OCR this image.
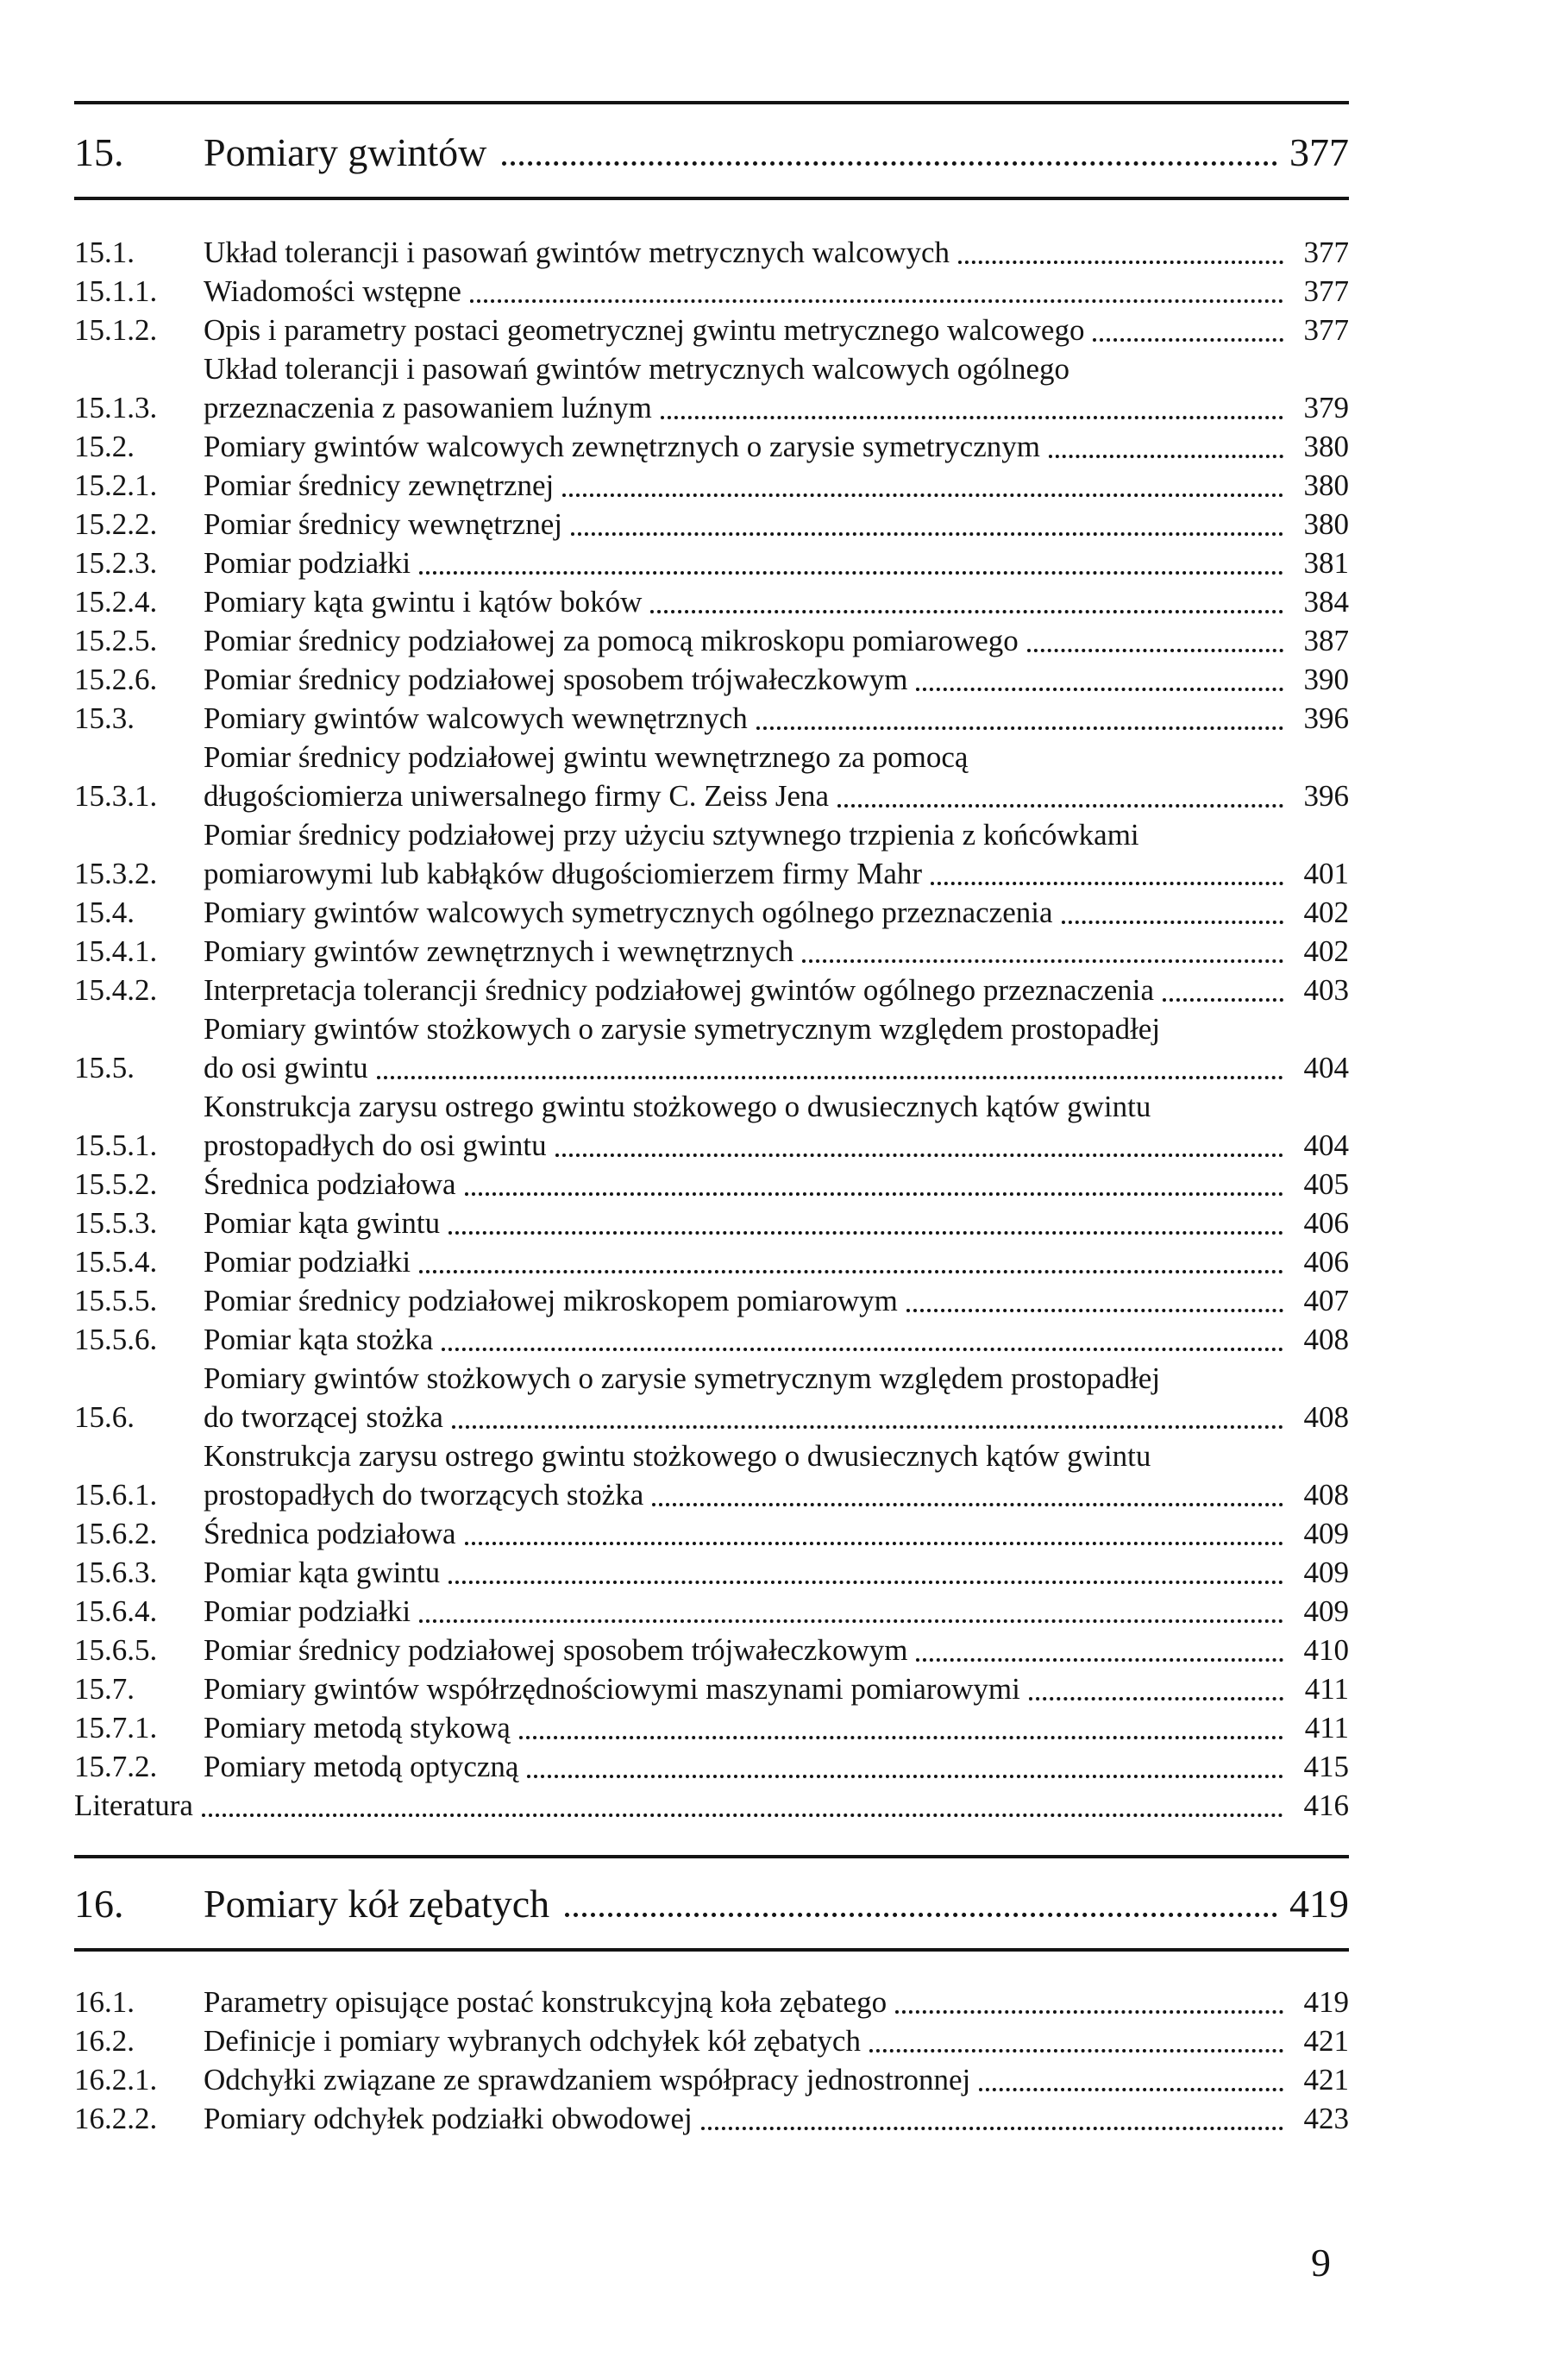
15.	Pomiary gwintów	377
15.1.	Układ tolerancji i pasowań gwintów metrycznych walcowych	377
15.1.1.	Wiadomości wstępne	377
15.1.2.	Opis i parametry postaci geometrycznej gwintu metrycznego walcowego	377
15.1.3.
Układ tolerancji i pasowań gwintów metrycznych walcowych ogólnego
przeznaczenia z pasowaniem luźnym	379
15.2.	Pomiary gwintów walcowych zewnętrznych o zarysie symetrycznym	380
15.2.1.	Pomiar średnicy zewnętrznej	380
15.2.2.	Pomiar średnicy wewnętrznej	380
15.2.3.	Pomiar podziałki	381
15.2.4.	Pomiary kąta gwintu i kątów boków	384
15.2.5.	Pomiar średnicy podziałowej za pomocą mikroskopu pomiarowego	387
15.2.6.	Pomiar średnicy podziałowej sposobem trójwałeczkowym	390
15.3.	Pomiary gwintów walcowych wewnętrznych	396
15.3.1.
Pomiar średnicy podziałowej gwintu wewnętrznego za pomocą
długościomierza uniwersalnego firmy C. Zeiss Jena	396
15.3.2.
Pomiar średnicy podziałowej przy użyciu sztywnego trzpienia z końcówkami
pomiarowymi lub kabłąków długościomierzem firmy Mahr	401
15.4.	Pomiary gwintów walcowych symetrycznych ogólnego przeznaczenia	402
15.4.1.	Pomiary gwintów zewnętrznych i wewnętrznych	402
15.4.2.	Interpretacja tolerancji średnicy podziałowej gwintów ogólnego przeznaczenia	403
15.5.
Pomiary gwintów stożkowych o zarysie symetrycznym względem prostopadłej
do osi gwintu	404
15.5.1.
Konstrukcja zarysu ostrego gwintu stożkowego o dwusiecznych kątów gwintu
prostopadłych do osi gwintu	404
15.5.2.	Średnica podziałowa	405
15.5.3.	Pomiar kąta gwintu	406
15.5.4.	Pomiar podziałki	406
15.5.5.	Pomiar średnicy podziałowej mikroskopem pomiarowym	407
15.5.6.	Pomiar kąta stożka	408
15.6.
Pomiary gwintów stożkowych o zarysie symetrycznym względem prostopadłej
do tworzącej stożka	408
15.6.1.
Konstrukcja zarysu ostrego gwintu stożkowego o dwusiecznych kątów gwintu
prostopadłych do tworzących stożka	408
15.6.2.	Średnica podziałowa	409
15.6.3.	Pomiar kąta gwintu	409
15.6.4.	Pomiar podziałki	409
15.6.5.	Pomiar średnicy podziałowej sposobem trójwałeczkowym	410
15.7.	Pomiary gwintów współrzędnościowymi maszynami pomiarowymi	411
15.7.1.	Pomiary metodą stykową	411
15.7.2.	Pomiary metodą optyczną	415
Literatura	416
16.	Pomiary kół zębatych	419
16.1.	Parametry opisujące postać konstrukcyjną koła zębatego	419
16.2.	Definicje i pomiary wybranych odchyłek kół zębatych	421
16.2.1.	Odchyłki związane ze sprawdzaniem współpracy jednostronnej	421
16.2.2.	Pomiary odchyłek podziałki obwodowej	423
9
